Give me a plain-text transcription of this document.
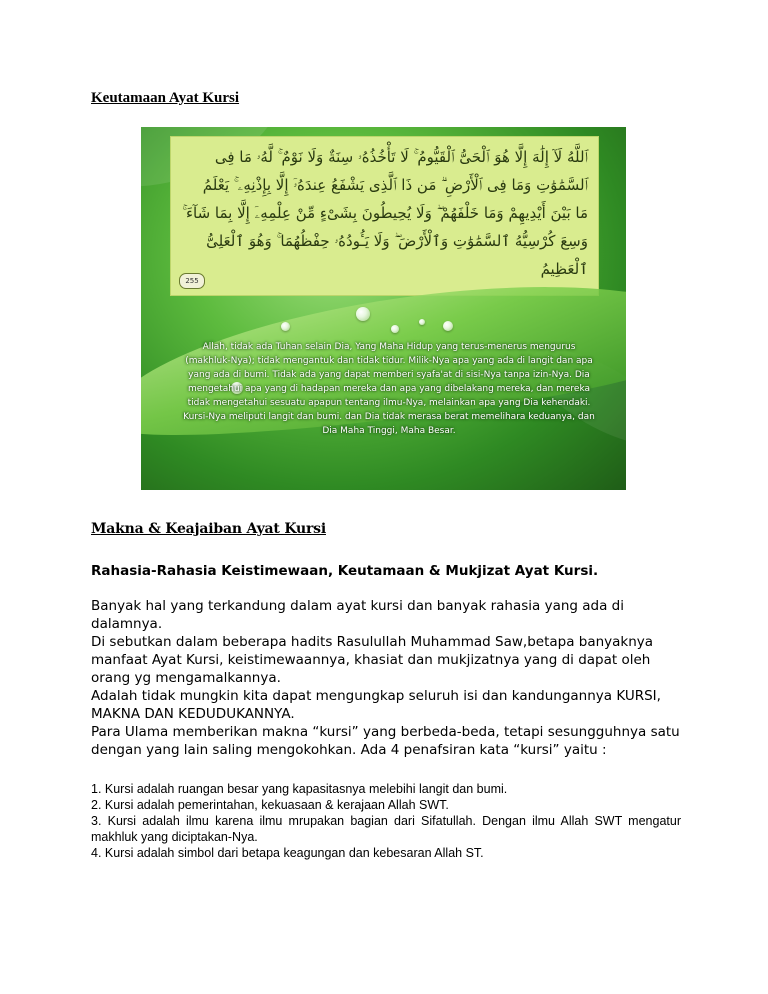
Keutamaan Ayat Kursi
ٱللَّهُ لَآ إِلَٰهَ إِلَّا هُوَ ٱلْحَىُّ ٱلْقَيُّومُ ۚ لَا تَأْخُذُهُۥ سِنَةٌ وَلَا نَوْمٌ ۚ لَّهُۥ مَا فِى
ٱلسَّمَٰوَٰتِ وَمَا فِى ٱلْأَرْضِ ۗ مَن ذَا ٱلَّذِى يَشْفَعُ عِندَهُۥٓ إِلَّا بِإِذْنِهِۦ ۚ يَعْلَمُ
مَا بَيْنَ أَيْدِيهِمْ وَمَا خَلْفَهُمْ ۖ وَلَا يُحِيطُونَ بِشَىْءٍ مِّنْ عِلْمِهِۦٓ إِلَّا بِمَا شَآءَ ۚ
وَسِعَ كُرْسِيُّهُ ٱلسَّمَٰوَٰتِ وَٱلْأَرْضَ ۖ وَلَا يَـُٔودُهُۥ حِفْظُهُمَا ۚ وَهُوَ ٱلْعَلِىُّ
ٱلْعَظِيمُ
255
Allah, tidak ada Tuhan selain Dia, Yang Maha Hidup yang terus-menerus mengurus (makhluk-Nya); tidak mengantuk dan tidak tidur. Milik-Nya apa yang ada di langit dan apa yang ada di bumi. Tidak ada yang dapat memberi syafa'at di sisi-Nya tanpa izin-Nya. Dia mengetahui apa yang di hadapan mereka dan apa yang dibelakang mereka, dan mereka tidak mengetahui sesuatu apapun tentang ilmu-Nya, melainkan apa yang Dia kehendaki. Kursi-Nya meliputi langit dan bumi. dan Dia tidak merasa berat memelihara keduanya, dan Dia Maha Tinggi, Maha Besar.
Makna & Keajaiban Ayat Kursi
Rahasia-Rahasia Keistimewaan, Keutamaan & Mukjizat Ayat Kursi.

Banyak hal yang terkandung dalam ayat kursi dan banyak rahasia yang ada di dalamnya.

Di sebutkan dalam beberapa hadits Rasulullah Muhammad Saw,betapa banyaknya manfaat Ayat Kursi, keistimewaannya, khasiat dan mukjizatnya yang di dapat oleh orang yg mengamalkannya.

Adalah tidak mungkin kita dapat mengungkap seluruh isi dan kandungannya KURSI, MAKNA DAN KEDUDUKANNYA.

Para Ulama memberikan makna “kursi” yang berbeda-beda, tetapi sesungguhnya satu dengan yang lain saling mengokohkan. Ada 4 penafsiran kata “kursi” yaitu :

1. Kursi adalah ruangan besar yang kapasitasnya melebihi langit dan bumi.

2. Kursi adalah pemerintahan, kekuasaan & kerajaan Allah SWT.

3. Kursi adalah ilmu karena ilmu mrupakan bagian dari Sifatullah. Dengan ilmu Allah SWT mengatur makhluk yang diciptakan-Nya.

4. Kursi adalah simbol dari betapa keagungan dan kebesaran Allah ST.
